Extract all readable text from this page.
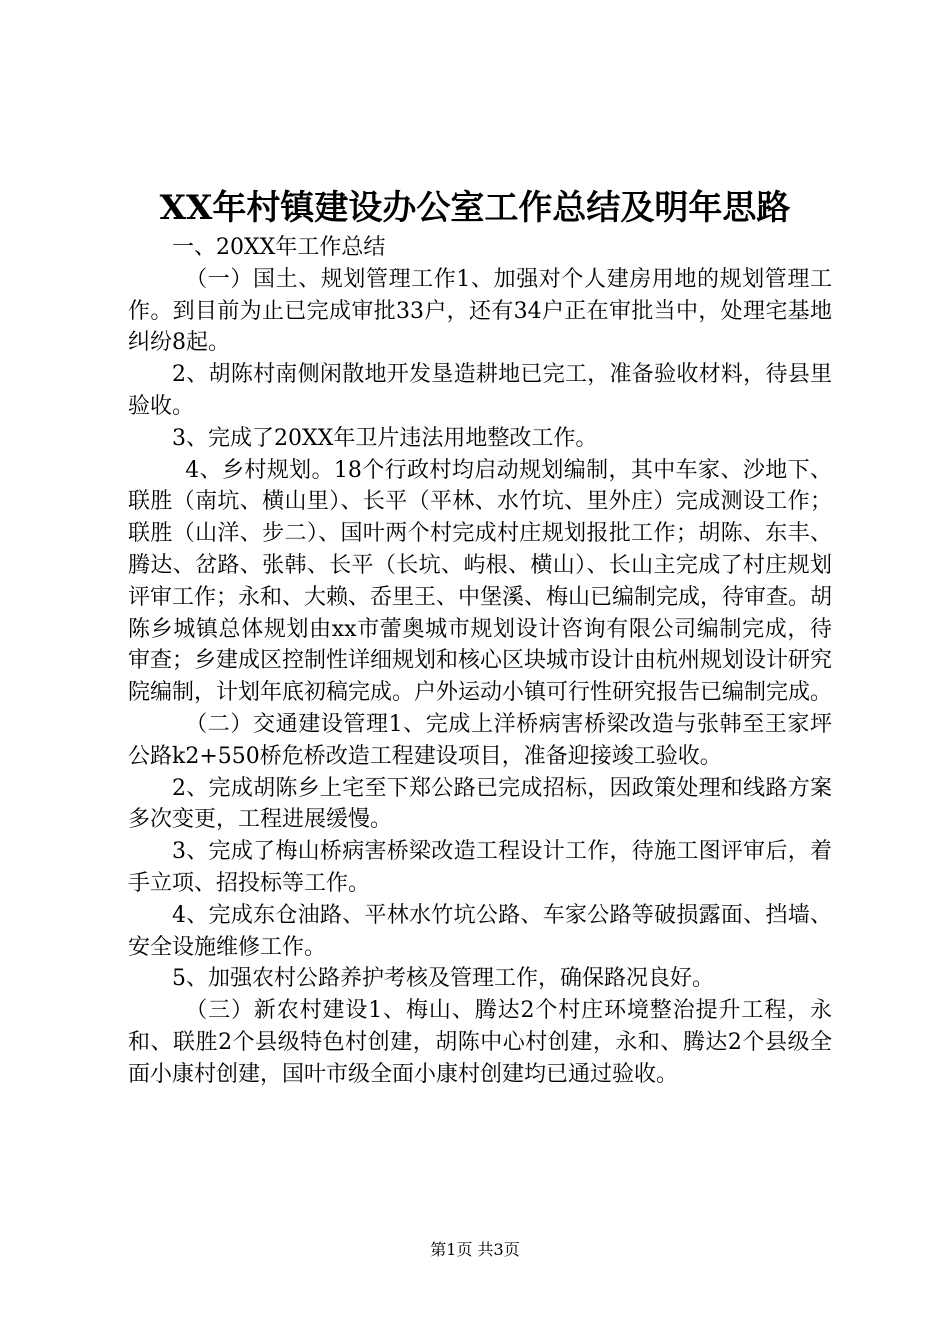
XX年村镇建设办公室工作总结及明年思路

一、20XX年工作总结

（一）国土、规划管理工作1、加强对个人建房用地的规划管理工作。到目前为止已完成审批33户，还有34户正在审批当中，处理宅基地纠纷8起。

2、胡陈村南侧闲散地开发垦造耕地已完工，准备验收材料，待县里验收。

3、完成了20XX年卫片违法用地整改工作。

4、乡村规划。18个行政村均启动规划编制，其中车家、沙地下、联胜（南坑、横山里）、长平（平林、水竹坑、里外庄）完成测设工作；联胜（山洋、步二）、国叶两个村完成村庄规划报批工作；胡陈、东丰、腾达、岔路、张韩、长平（长坑、屿根、横山）、长山主完成了村庄规划评审工作；永和、大赖、岙里王、中堡溪、梅山已编制完成，待审查。胡陈乡城镇总体规划由xx市蕾奥城市规划设计咨询有限公司编制完成，待审查；乡建成区控制性详细规划和核心区块城市设计由杭州规划设计研究院编制，计划年底初稿完成。户外运动小镇可行性研究报告已编制完成。

（二）交通建设管理1、完成上洋桥病害桥梁改造与张韩至王家坪公路k2+550桥危桥改造工程建设项目，准备迎接竣工验收。

2、完成胡陈乡上宅至下郑公路已完成招标，因政策处理和线路方案多次变更，工程进展缓慢。

3、完成了梅山桥病害桥梁改造工程设计工作，待施工图评审后，着手立项、招投标等工作。

4、完成东仓油路、平林水竹坑公路、车家公路等破损露面、挡墙、安全设施维修工作。

5、加强农村公路养护考核及管理工作，确保路况良好。

（三）新农村建设1、梅山、腾达2个村庄环境整治提升工程，永和、联胜2个县级特色村创建，胡陈中心村创建，永和、腾达2个县级全面小康村创建，国叶市级全面小康村创建均已通过验收。

第1页 共3页
